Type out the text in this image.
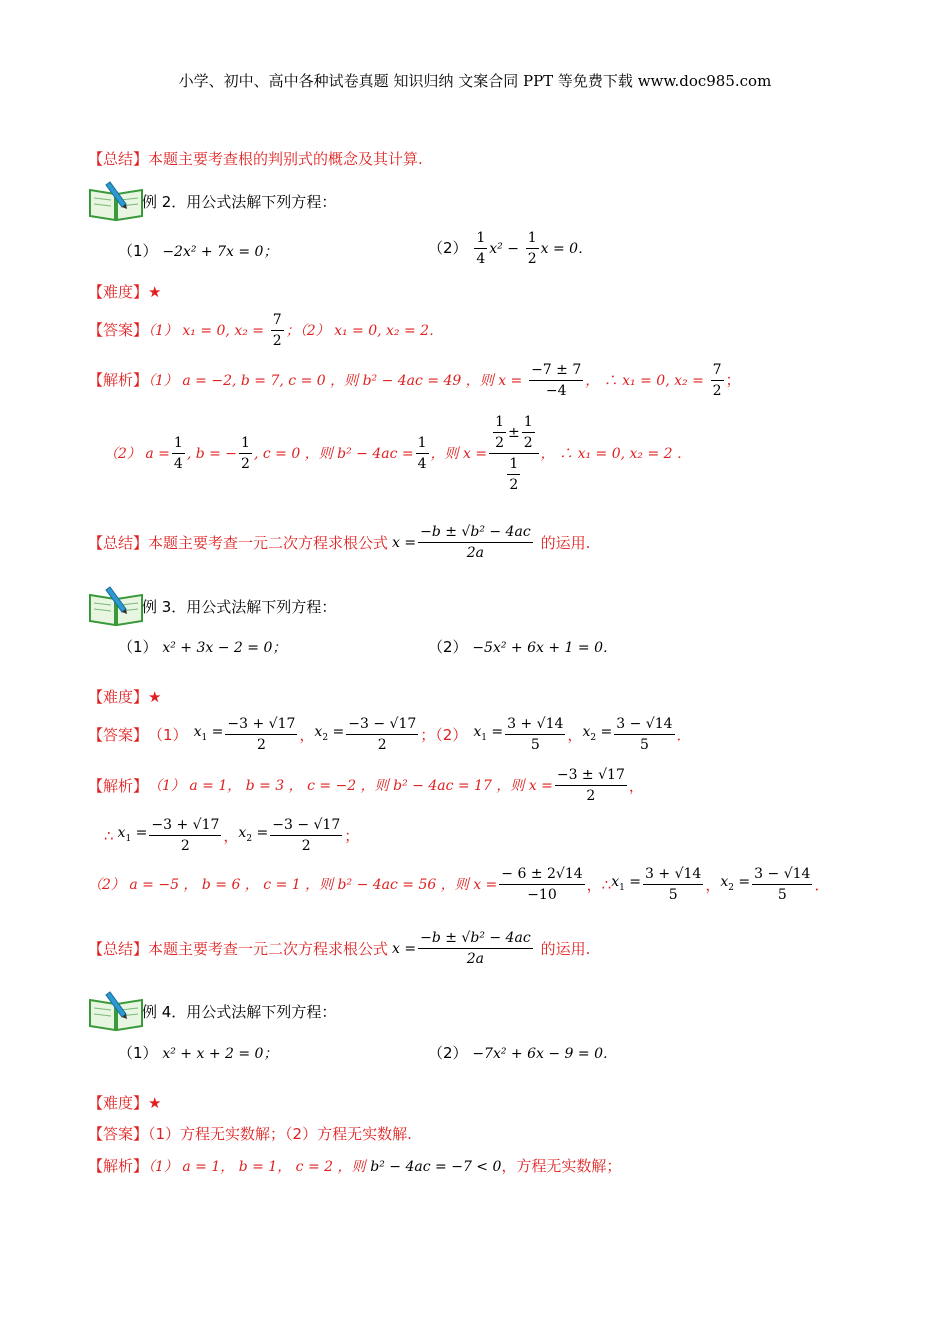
小学、初中、高中各种试卷真题 知识归纳 文案合同 PPT 等免费下载 www.doc985.com
【总结】本题主要考查根的判别式的概念及其计算.
例 2．用公式法解下列方程：
（1） −2x² + 7x = 0；	$(2) \frac{1}{4} x^2 - \frac{1}{2}$ x = 0．
【难度】★
【答案】（1） x₁ = 0, $x_2 = \frac{7}{2}$ ；（2） x₁ = 0, x₂ = 2．
【解析】（1） a = −2, b = 7, c = 0 ，则 b² − 4ac = 49 ，则 $x = \frac{-7 \pm 7}{-4}$ ， ∴ x₁ = 0, $x_2 = \frac{7}{2}$ ；
（2） $a = \frac{1}{4}$ , b = − $\frac{1}{2}$ , c = 0 ，则 $b^2 - 4ac = \frac{1}{4}$ ，则 $x = \frac{\frac{1}{2} \pm \frac{1}{2}}{\frac{1}{2}}$ ， ∴ x₁ = 0, x₂ = 2 ．
【总结】 本题主要考查一元二次方程求根公式 $x = \frac{\text{−b ± √b² − 4ac}}{2a}$ 的运用.
例 3．用公式法解下列方程：
（1） x² + 3x − 2 = 0；	（2） −5x² + 6x + 1 = 0．
【难度】★
【答案】 （1） $x_1 = \frac{-3 + √17}{2}$ ， $x_2 = \frac{-3 - √17}{2}$ ；（2） $x_1 = \frac{3 + √14}{5}$ ， $x_2 = \frac{3 - √14}{5}$ ．
【解析】 （1） a = 1， b = 3 ， c = −2 ，则 b² − 4ac = 17 ，则 $x = \frac{-3 \pm √17}{2}$ ，
∴ $x_1 = \frac{-3 + √17}{2}$ ， $x_2 = \frac{-3 - √17}{2}$ ；
（2） a = −5 ， b = 6 ， c = 1 ，则 b² − 4ac = 56 ，则 $x = \frac{- 6 \pm 2√14}{-10}$ ， ∴ $x_1 = \frac{3 + √14}{5}$ ， $x_2 = \frac{3 - √14}{5}$ ．
【总结】 本题主要考查一元二次方程求根公式 $x = \frac{\text{−b ± √b² − 4ac}}{2a}$ 的运用.
例 4．用公式法解下列方程：
（1） x² + x + 2 = 0；	（2） −7x² + 6x − 9 = 0．
【难度】★
【答案】（1）方程无实数解；（2）方程无实数解.
【解析】（1） a = 1， b = 1， c = 2 ，则 b² − 4ac = −7 < 0，方程无实数解；
